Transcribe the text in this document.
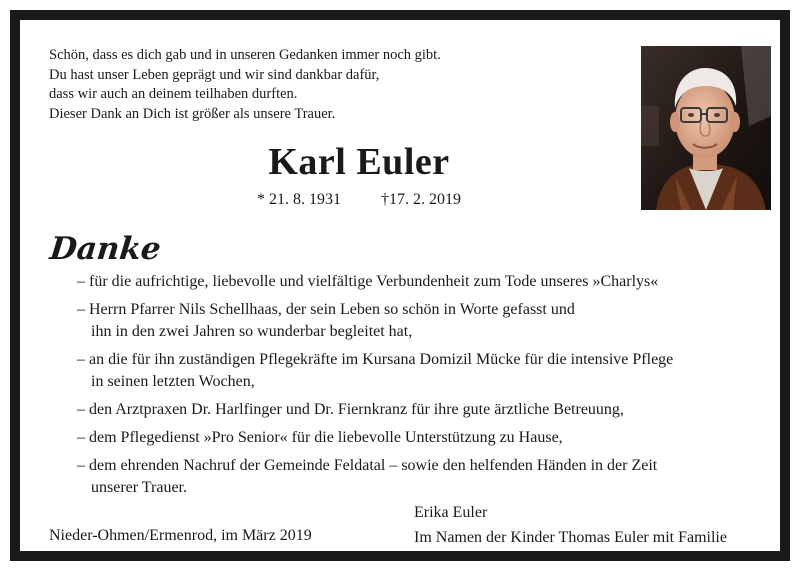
Schön, dass es dich gab und in unseren Gedanken immer noch gibt.
Du hast unser Leben geprägt und wir sind dankbar dafür,
dass wir auch an deinem teilhaben durften.
Dieser Dank an Dich ist größer als unsere Trauer.
Karl Euler
* 21. 8. 1931	†17. 2. 2019
Danke
– für die aufrichtige, liebevolle und vielfältige Verbundenheit zum Tode unseres »Charlys«
– Herrn Pfarrer Nils Schellhaas, der sein Leben so schön in Worte gefasst und
ihn in den zwei Jahren so wunderbar begleitet hat,
– an die für ihn zuständigen Pflegekräfte im Kursana Domizil Mücke für die intensive Pflege
in seinen letzten Wochen,
– den Arztpraxen Dr. Harlfinger und Dr. Fiernkranz für ihre gute ärztliche Betreuung,
– dem Pflegedienst »Pro Senior« für die liebevolle Unterstützung zu Hause,
– dem ehrenden Nachruf der Gemeinde Feldatal – sowie den helfenden Händen in der Zeit
unserer Trauer.
Nieder-Ohmen/Ermenrod, im März 2019
Erika Euler
Im Namen der Kinder Thomas Euler mit Familie
